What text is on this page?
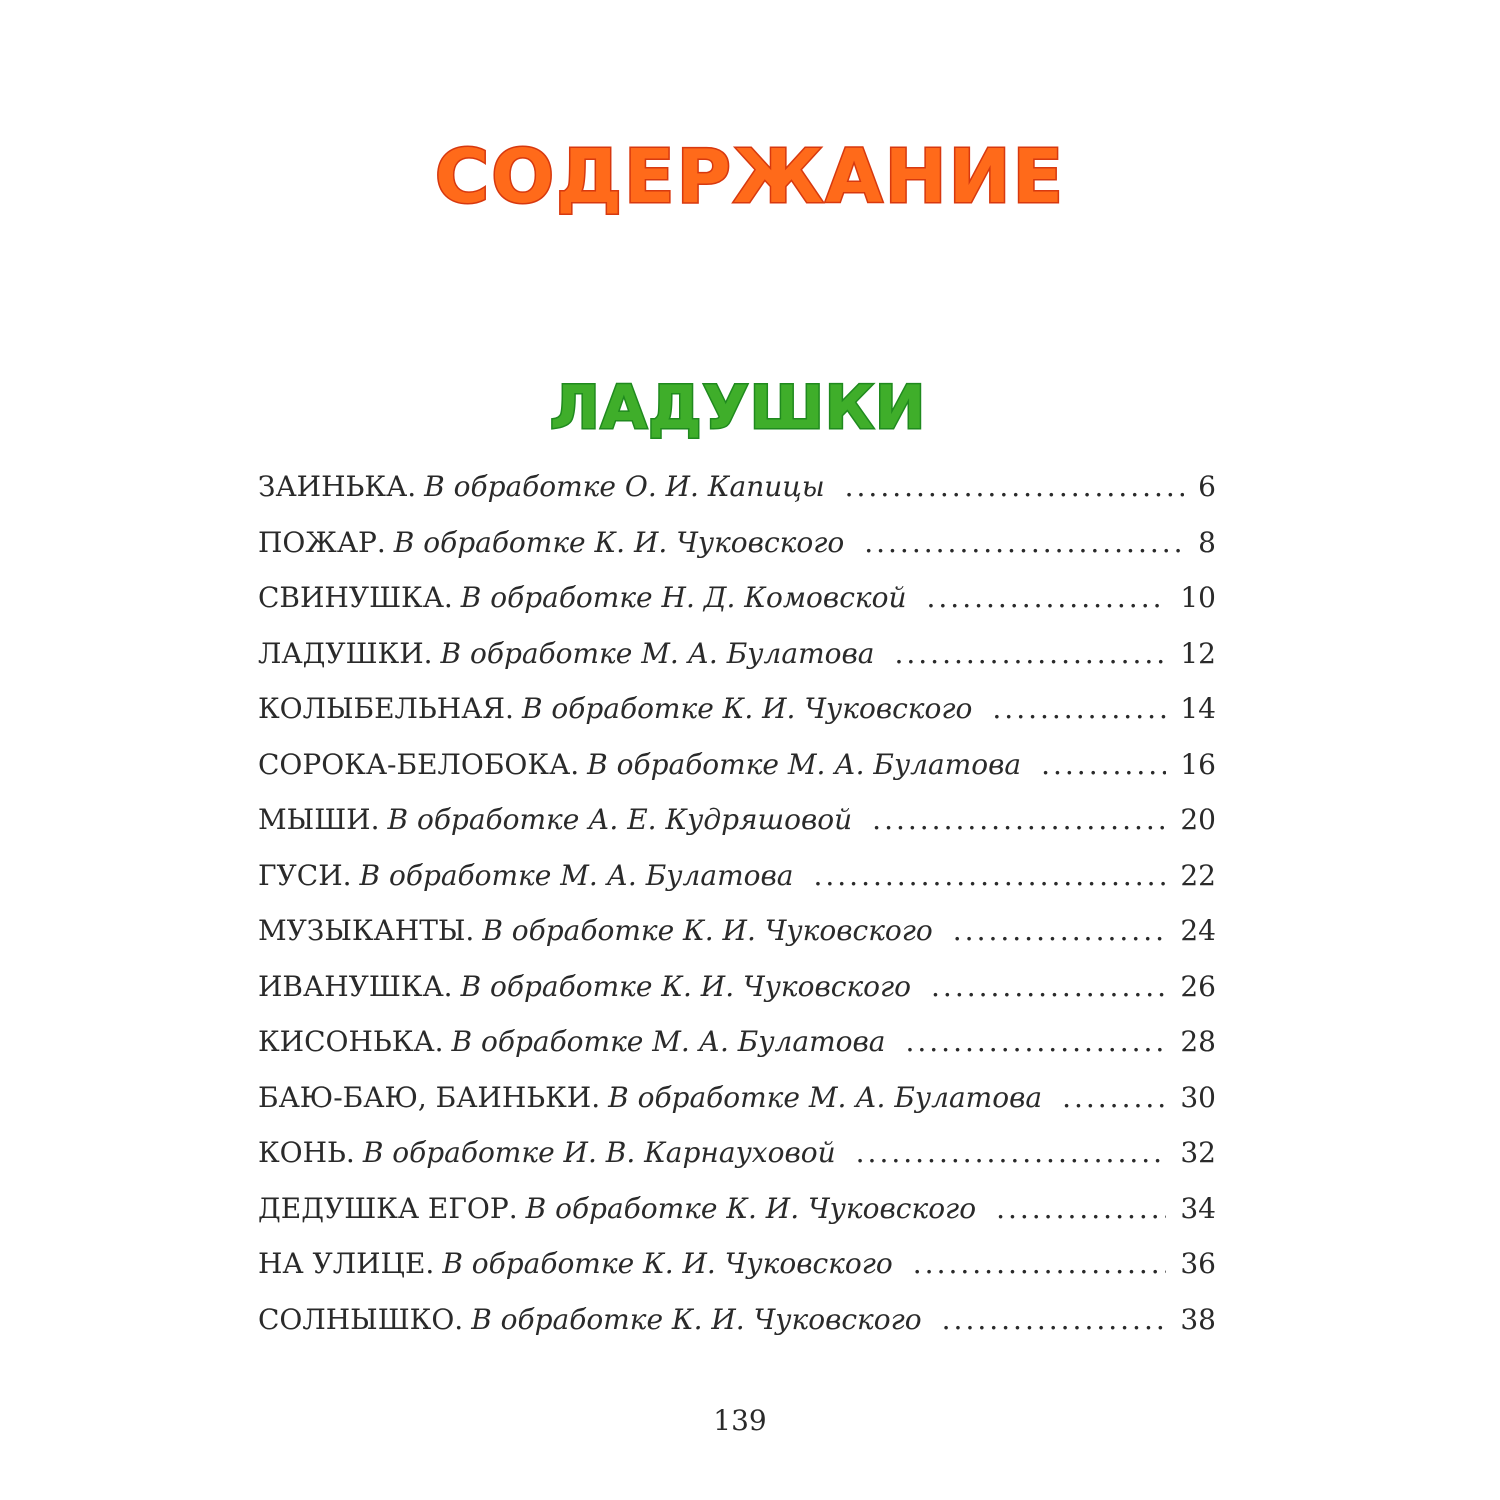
СОДЕРЖАНИЕ
ЛАДУШКИ
ЗАИНЬКА. В обработке О. И. Капицы .....	6
ПОЖАР. В обработке К. И. Чуковского .....	8
СВИНУШКА. В обработке Н. Д. Комовской .....	10
ЛАДУШКИ. В обработке М. А. Булатова .....	12
КОЛЫБЕЛЬНАЯ. В обработке К. И. Чуковского .....	14
СОРОКА-БЕЛОБОКА. В обработке М. А. Булатова .....	16
МЫШИ. В обработке А. Е. Кудряшовой .....	20
ГУСИ. В обработке М. А. Булатова .....	22
МУЗЫКАНТЫ. В обработке К. И. Чуковского .....	24
ИВАНУШКА. В обработке К. И. Чуковского .....	26
КИСОНЬКА. В обработке М. А. Булатова .....	28
БАЮ-БАЮ, БАИНЬКИ. В обработке М. А. Булатова .....	30
КОНЬ. В обработке И. В. Карнауховой .....	32
ДЕДУШКА ЕГОР. В обработке К. И. Чуковского .....	34
НА УЛИЦЕ. В обработке К. И. Чуковского .....	36
СОЛНЫШКО. В обработке К. И. Чуковского .....	38
139
